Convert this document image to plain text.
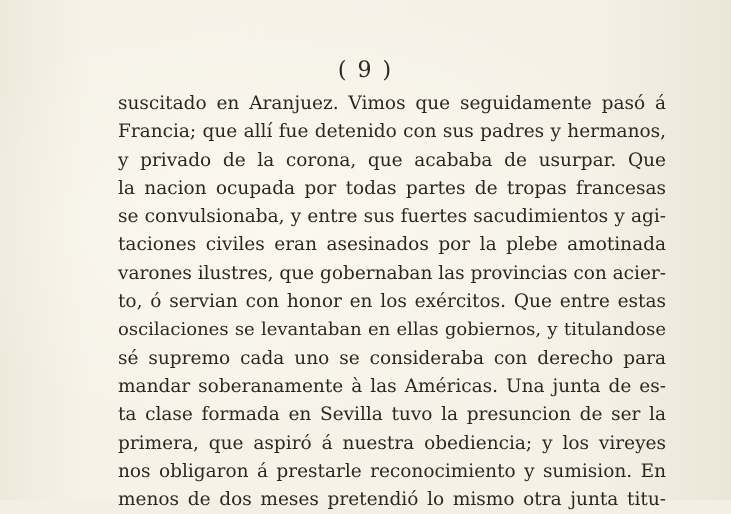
( 9 )
suscitado en Aranjuez. Vimos que seguidamente pasó á
Francia; que allí fue detenido con sus padres y hermanos,
y privado de la corona, que acababa de usurpar. Que
la nacion ocupada por todas partes de tropas francesas
se convulsionaba, y entre sus fuertes sacudimientos y agi-
taciones civiles eran asesinados por la plebe amotinada
varones ilustres, que gobernaban las provincias con acier-
to, ó servian con honor en los exércitos. Que entre estas
oscilaciones se levantaban en ellas gobiernos, y titulandose
sé supremo cada uno se consideraba con derecho para
mandar soberanamente à las Américas. Una junta de es-
ta clase formada en Sevilla tuvo la presuncion de ser la
primera, que aspiró á nuestra obediencia; y los vireyes
nos obligaron á prestarle reconocimiento y sumision. En
menos de dos meses pretendió lo mismo otra junta titu-
